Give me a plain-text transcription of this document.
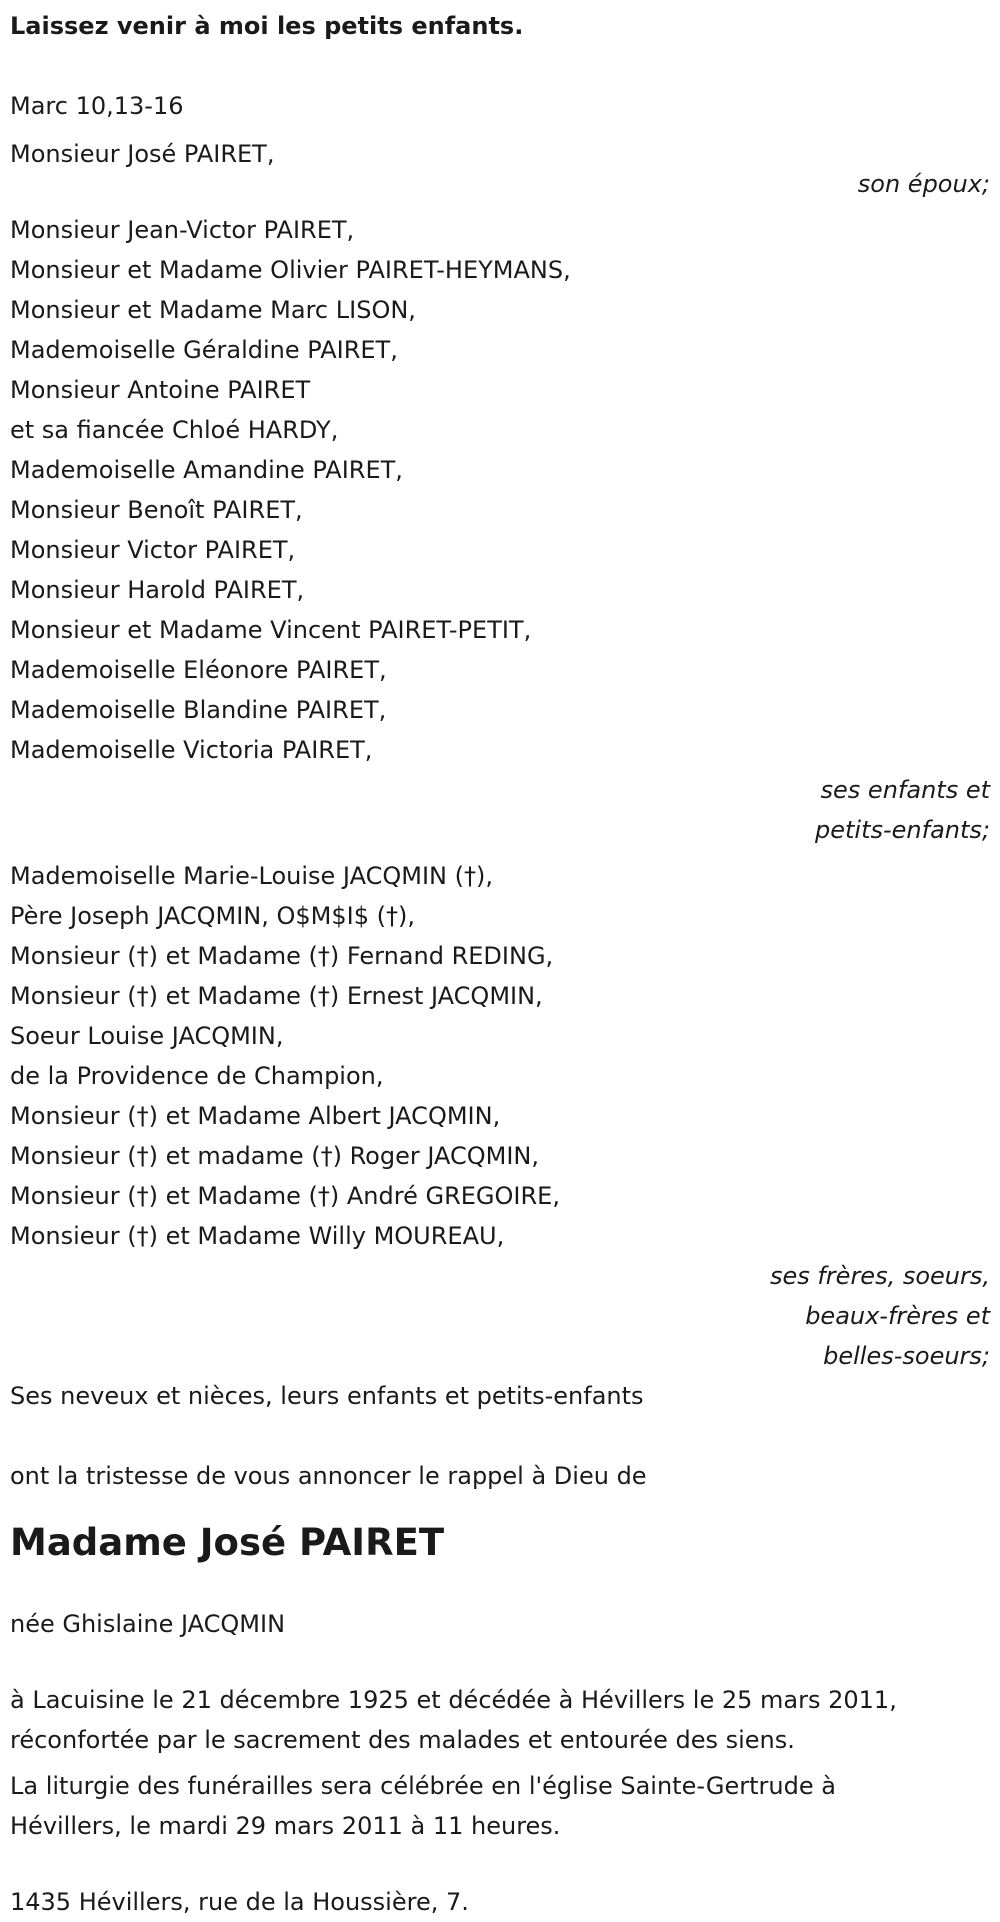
Laissez venir à moi les petits enfants.
Marc 10,13-16
Monsieur José PAIRET,
son époux;
Monsieur Jean-Victor PAIRET,
Monsieur et Madame Olivier PAIRET-HEYMANS,
Monsieur et Madame Marc LISON,
Mademoiselle Géraldine PAIRET,
Monsieur Antoine PAIRET
et sa fiancée Chloé HARDY,
Mademoiselle Amandine PAIRET,
Monsieur Benoît PAIRET,
Monsieur Victor PAIRET,
Monsieur Harold PAIRET,
Monsieur et Madame Vincent PAIRET-PETIT,
Mademoiselle Eléonore PAIRET,
Mademoiselle Blandine PAIRET,
Mademoiselle Victoria PAIRET,
ses enfants et
petits-enfants;
Mademoiselle Marie-Louise JACQMIN (†),
Père Joseph JACQMIN, O$M$I$ (†),
Monsieur (†) et Madame (†) Fernand REDING,
Monsieur (†) et Madame (†) Ernest JACQMIN,
Soeur Louise JACQMIN,
de la Providence de Champion,
Monsieur (†) et Madame Albert JACQMIN,
Monsieur (†) et madame (†) Roger JACQMIN,
Monsieur (†) et Madame (†) André GREGOIRE,
Monsieur (†) et Madame Willy MOUREAU,
ses frères, soeurs,
beaux-frères et
belles-soeurs;
Ses neveux et nièces, leurs enfants et petits-enfants
ont la tristesse de vous annoncer le rappel à Dieu de
Madame José PAIRET
née Ghislaine JACQMIN
à Lacuisine le 21 décembre 1925 et décédée à Hévillers le 25 mars 2011,
réconfortée par le sacrement des malades et entourée des siens.
La liturgie des funérailles sera célébrée en l'église Sainte-Gertrude à
Hévillers, le mardi 29 mars 2011 à 11 heures.
1435 Hévillers, rue de la Houssière, 7.
